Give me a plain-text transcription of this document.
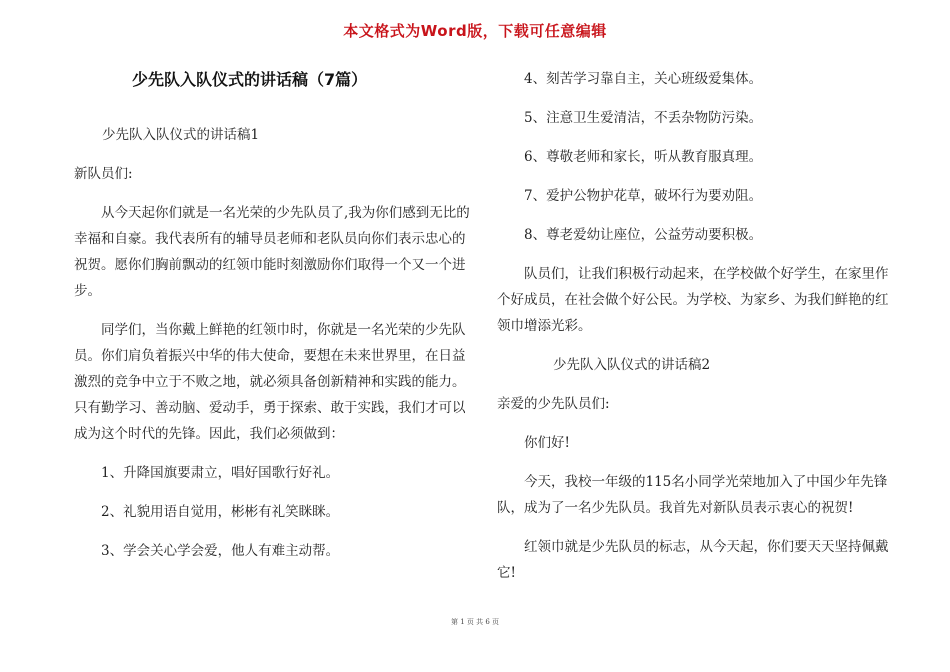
本文格式为Word版，下载可任意编辑
少先队入队仪式的讲话稿（7篇）

少先队入队仪式的讲话稿1

新队员们:

从今天起你们就是一名光荣的少先队员了,我为你们感到无比的幸福和自豪。我代表所有的辅导员老师和老队员向你们表示忠心的祝贺。愿你们胸前飘动的红领巾能时刻激励你们取得一个又一个进步。

同学们，当你戴上鲜艳的红领巾时，你就是一名光荣的少先队员。你们肩负着振兴中华的伟大使命，要想在未来世界里，在日益激烈的竞争中立于不败之地，就必须具备创新精神和实践的能力。只有勤学习、善动脑、爱动手，勇于探索、敢于实践，我们才可以成为这个时代的先锋。因此，我们必须做到：

1、升降国旗要肃立，唱好国歌行好礼。

2、礼貌用语自觉用，彬彬有礼笑眯眯。

3、学会关心学会爱，他人有难主动帮。

4、刻苦学习靠自主，关心班级爱集体。

5、注意卫生爱清洁，不丢杂物防污染。

6、尊敬老师和家长，听从教育服真理。

7、爱护公物护花草，破坏行为要劝阻。

8、尊老爱幼让座位，公益劳动要积极。

队员们，让我们积极行动起来，在学校做个好学生，在家里作个好成员，在社会做个好公民。为学校、为家乡、为我们鲜艳的红领巾增添光彩。

少先队入队仪式的讲话稿2

亲爱的少先队员们:

你们好!

今天，我校一年级的115名小同学光荣地加入了中国少年先锋队，成为了一名少先队员。我首先对新队员表示衷心的祝贺!

红领巾就是少先队员的标志，从今天起，你们要天天坚持佩戴它!

第 1 页 共 6 页
